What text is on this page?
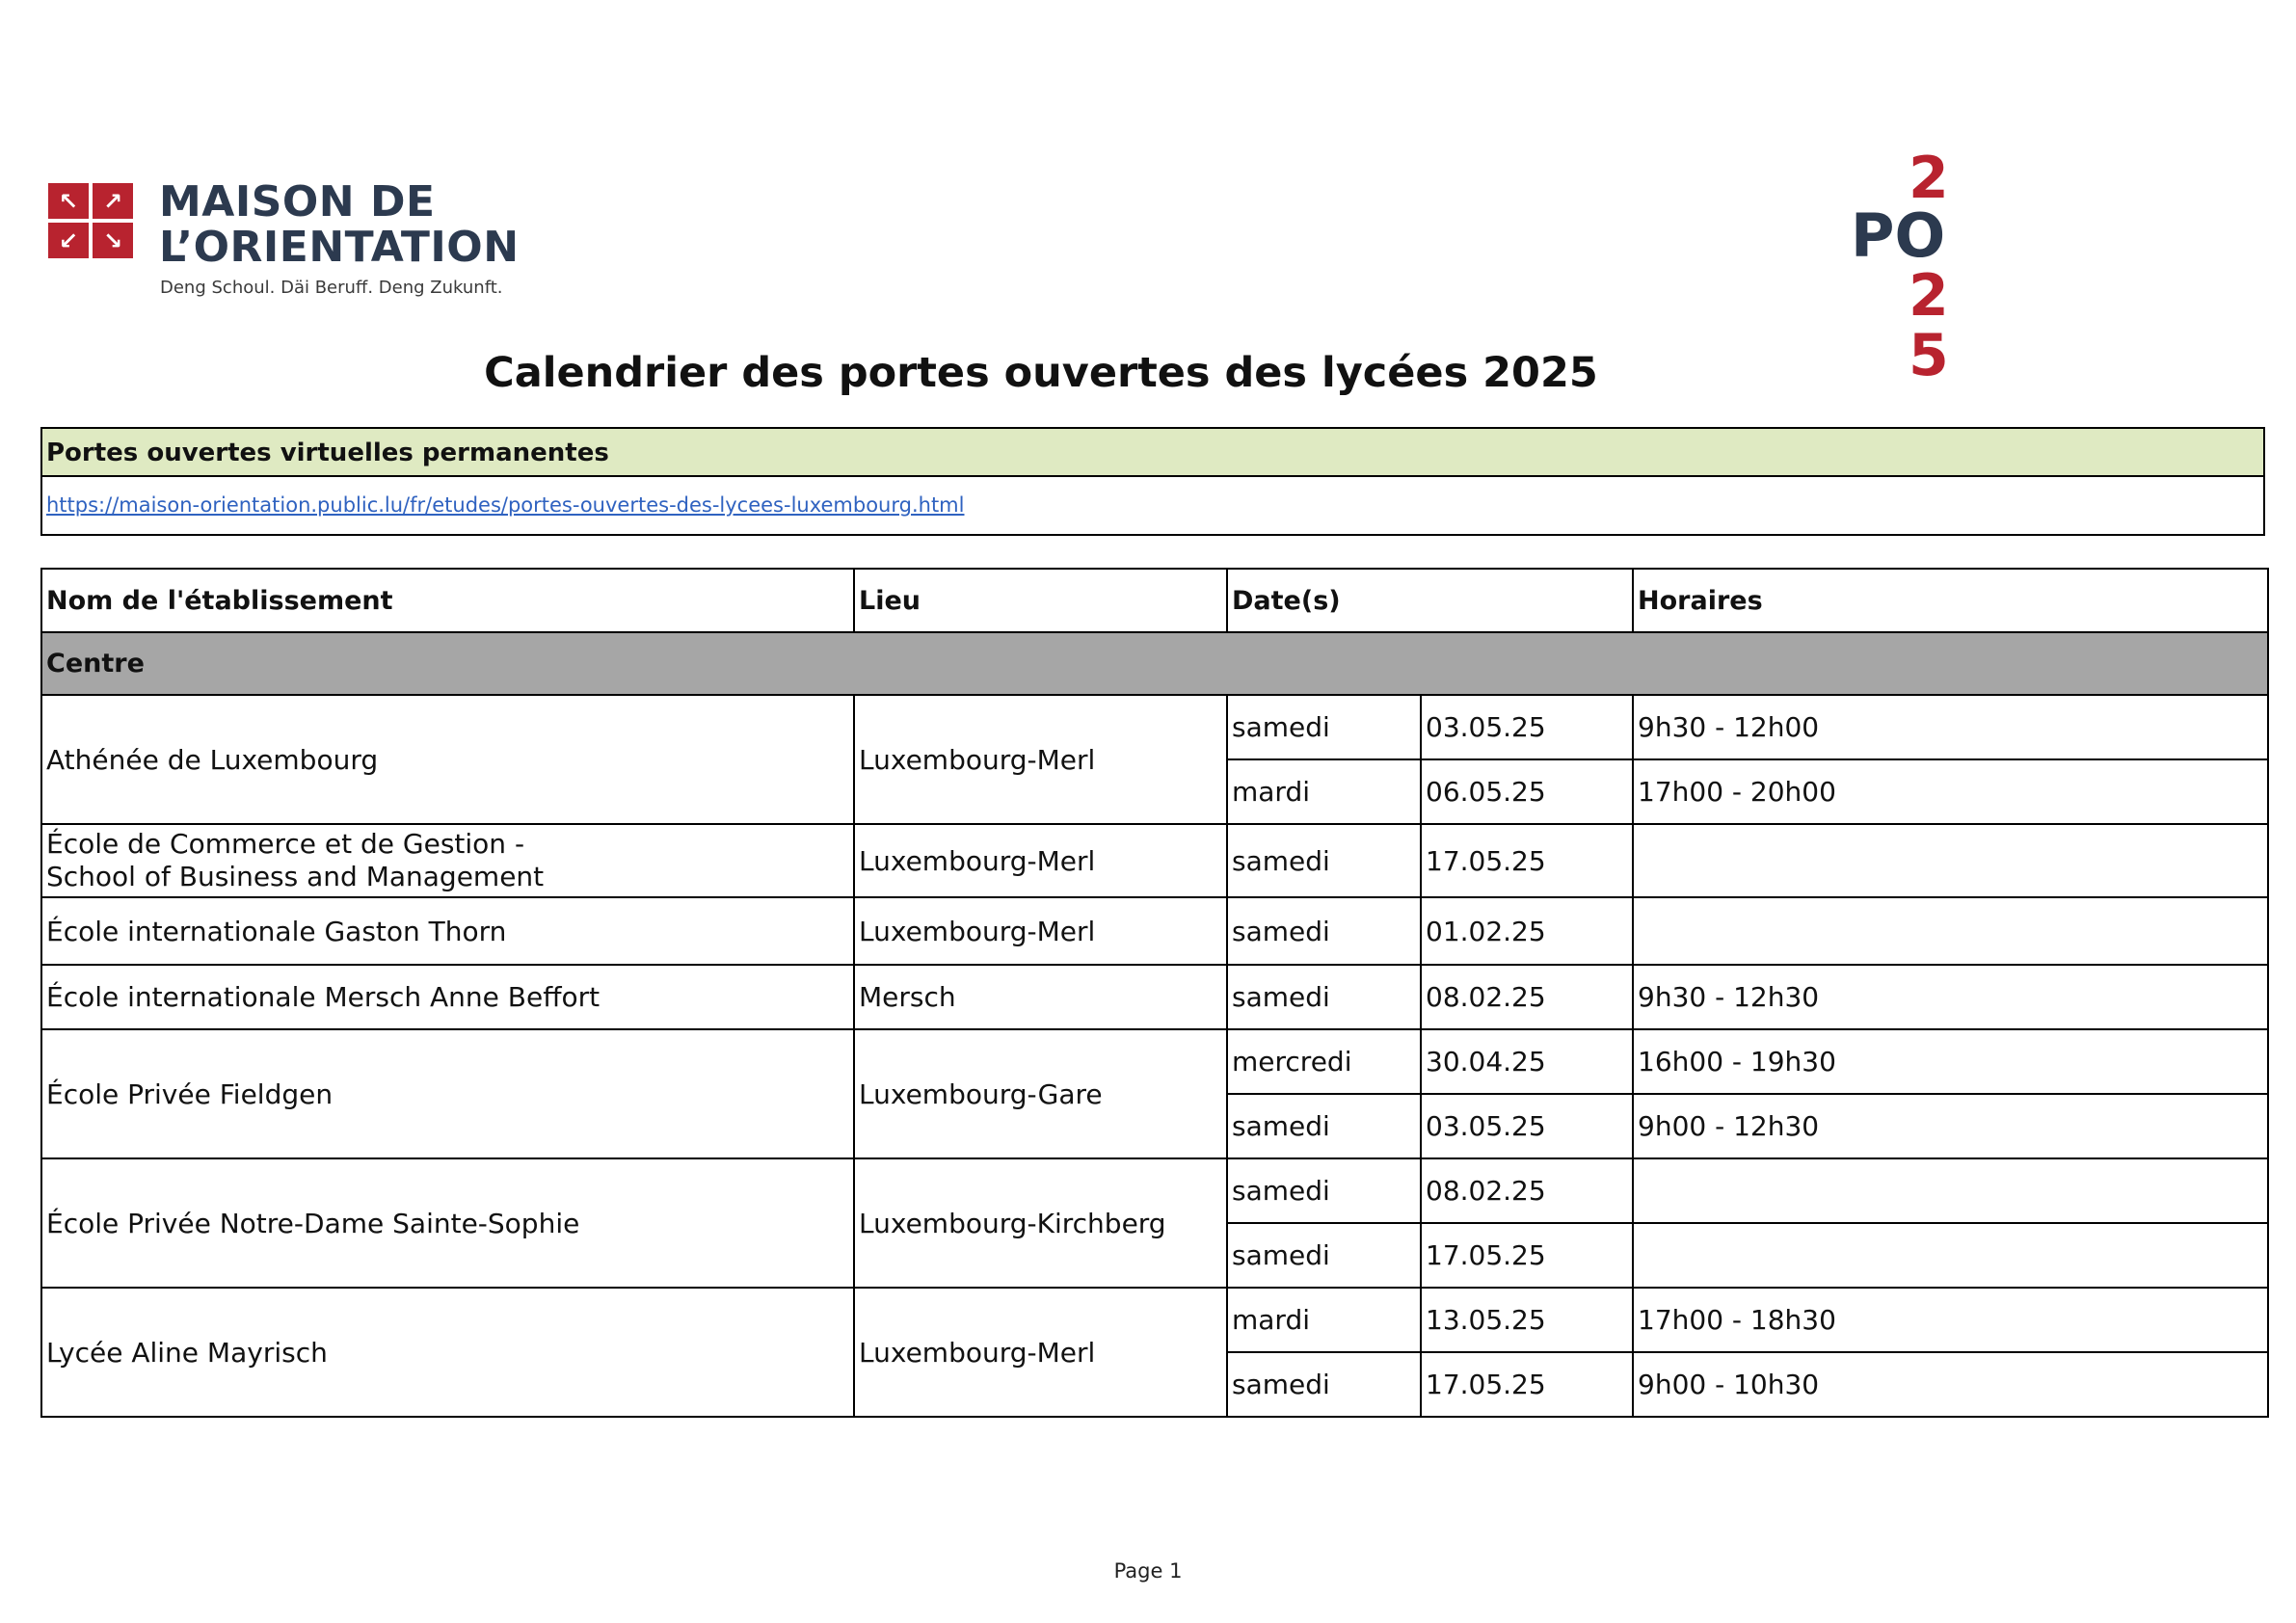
↖	↗
↙	↘
MAISON DE
L’ORIENTATION
Deng Schoul. Däi Beruff. Deng Zukunft.
2
PO
2
5
Calendrier des portes ouvertes des lycées 2025
Portes ouvertes virtuelles permanentes
https://maison-orientation.public.lu/fr/etudes/portes-ouvertes-des-lycees-luxembourg.html
Nom de l'établissement	Lieu	Date(s)		Horaires
Centre				
Athénée de Luxembourg	Luxembourg-Merl	samedi	03.05.25	9h30 - 12h00
		mardi	06.05.25	17h00 - 20h00

École de Commerce et de Gestion -
School of Business and Management	Luxembourg-Merl	samedi	17.05.25	
École internationale Gaston Thorn	Luxembourg-Merl	samedi	01.02.25	
École internationale Mersch Anne Beffort	Mersch	samedi	08.02.25	9h30 - 12h30
École Privée Fieldgen	Luxembourg-Gare	mercredi	30.04.25	16h00 - 19h30
		samedi	03.05.25	9h00 - 12h30
École Privée Notre-Dame Sainte-Sophie	Luxembourg-Kirchberg	samedi	08.02.25	
		samedi	17.05.25	
Lycée Aline Mayrisch	Luxembourg-Merl	mardi	13.05.25	17h00 - 18h30
		samedi	17.05.25	9h00 - 10h30
Page 1
